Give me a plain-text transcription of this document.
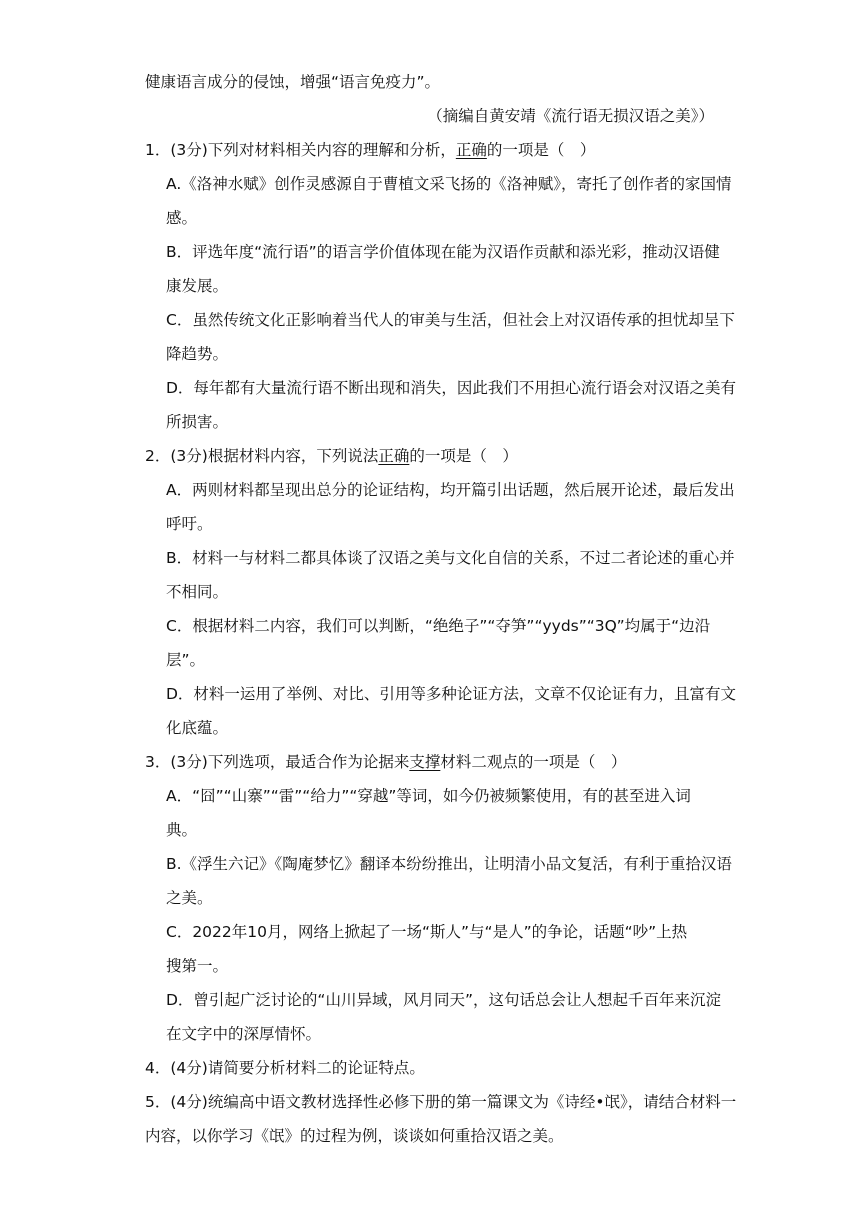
健康语言成分的侵蚀，增强“语言免疫力”。
（摘编自黄安靖《流行语无损汉语之美》）
1．(3分)下列对材料相关内容的理解和分析，正确的一项是（　）
A.《洛神水赋》创作灵感源自于曹植文采飞扬的《洛神赋》，寄托了创作者的家国情
感。
B．评选年度“流行语”的语言学价值体现在能为汉语作贡献和添光彩，推动汉语健
康发展。
C．虽然传统文化正影响着当代人的审美与生活，但社会上对汉语传承的担忧却呈下
降趋势。
D．每年都有大量流行语不断出现和消失，因此我们不用担心流行语会对汉语之美有
所损害。
2．(3分)根据材料内容，下列说法正确的一项是（　）
A．两则材料都呈现出总分的论证结构，均开篇引出话题，然后展开论述，最后发出
呼吁。
B．材料一与材料二都具体谈了汉语之美与文化自信的关系，不过二者论述的重心并
不相同。
C．根据材料二内容，我们可以判断，“绝绝子”“夺笋”“yyds”“3Q”均属于“边沿
层”。
D．材料一运用了举例、对比、引用等多种论证方法，文章不仅论证有力，且富有文
化底蕴。
3．(3分)下列选项，最适合作为论据来支撑材料二观点的一项是（　）
A．“囧”“山寨”“雷”“给力”“穿越”等词，如今仍被频繁使用，有的甚至进入词
典。
B.《浮生六记》《陶庵梦忆》翻译本纷纷推出，让明清小品文复活，有利于重拾汉语
之美。
C．2022年10月，网络上掀起了一场“斯人”与“是人”的争论，话题“吵”上热
搜第一。
D．曾引起广泛讨论的“山川异域，风月同天”，这句话总会让人想起千百年来沉淀
在文字中的深厚情怀。
4．(4分)请简要分析材料二的论证特点。
5．(4分)统编高中语文教材选择性必修下册的第一篇课文为《诗经•氓》，请结合材料一
内容，以你学习《氓》的过程为例，谈谈如何重拾汉语之美。
